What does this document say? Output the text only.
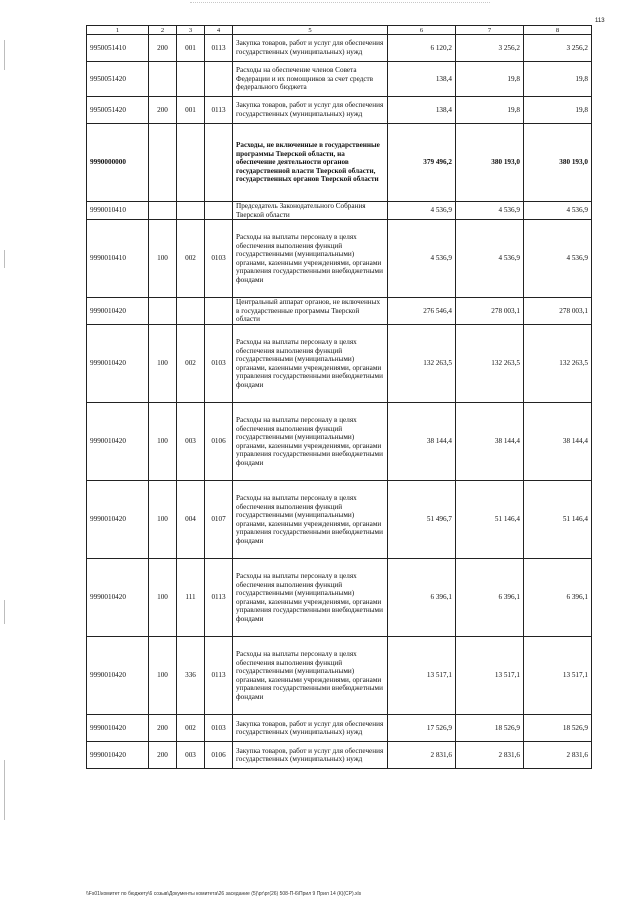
113
1	2	3	4	5	6	7	8
9950051410	200	001	0113	Закупка товаров, работ и услуг для обеспечения государственных (муниципальных) нужд	6 120,2	3 256,2	3 256,2
9950051420				Расходы на обеспечение членов Совета Федерации и их помощников за счет средств федерального бюджета	138,4	19,8	19,8
9950051420	200	001	0113	Закупка товаров, работ и услуг для обеспечения государственных (муниципальных) нужд	138,4	19,8	19,8
9990000000				Расходы, не включенные в государственные программы Тверской области, на обеспечение деятельности органов государственной власти Тверской области, государственных органов Тверской области	379 496,2	380 193,0	380 193,0
9990010410				Председатель Законодательного Собрания Тверской области	4 536,9	4 536,9	4 536,9
9990010410	100	002	0103	Расходы на выплаты персоналу в целях обеспечения выполнения функций государственными (муниципальными) органами, казенными учреждениями, органами управления государственными внебюджетными фондами	4 536,9	4 536,9	4 536,9
9990010420				Центральный аппарат органов, не включенных в государственные программы Тверской области	276 546,4	278 003,1	278 003,1
9990010420	100	002	0103	Расходы на выплаты персоналу в целях обеспечения выполнения функций государственными (муниципальными) органами, казенными учреждениями, органами управления государственными внебюджетными фондами	132 263,5	132 263,5	132 263,5
9990010420	100	003	0106	Расходы на выплаты персоналу в целях обеспечения выполнения функций государственными (муниципальными) органами, казенными учреждениями, органами управления государственными внебюджетными фондами	38 144,4	38 144,4	38 144,4
9990010420	100	004	0107	Расходы на выплаты персоналу в целях обеспечения выполнения функций государственными (муниципальными) органами, казенными учреждениями, органами управления государственными внебюджетными фондами	51 496,7	51 146,4	51 146,4
9990010420	100	111	0113	Расходы на выплаты персоналу в целях обеспечения выполнения функций государственными (муниципальными) органами, казенными учреждениями, органами управления государственными внебюджетными фондами	6 396,1	6 396,1	6 396,1
9990010420	100	336	0113	Расходы на выплаты персоналу в целях обеспечения выполнения функций государственными (муниципальными) органами, казенными учреждениями, органами управления государственными внебюджетными фондами	13 517,1	13 517,1	13 517,1
9990010420	200	002	0103	Закупка товаров, работ и услуг для обеспечения государственных (муниципальных) нужд	17 526,9	18 526,9	18 526,9
9990010420	200	003	0106	Закупка товаров, работ и услуг для обеспечения государственных (муниципальных) нужд	2 831,6	2 831,6	2 831,6
\\Fs01\комитет по бюджету\6 созыв\Документы комитета\26 заседание (5)\рг\рг(26) 508-П-6\Прил 9 Прил 14 (К)(СР).xls
